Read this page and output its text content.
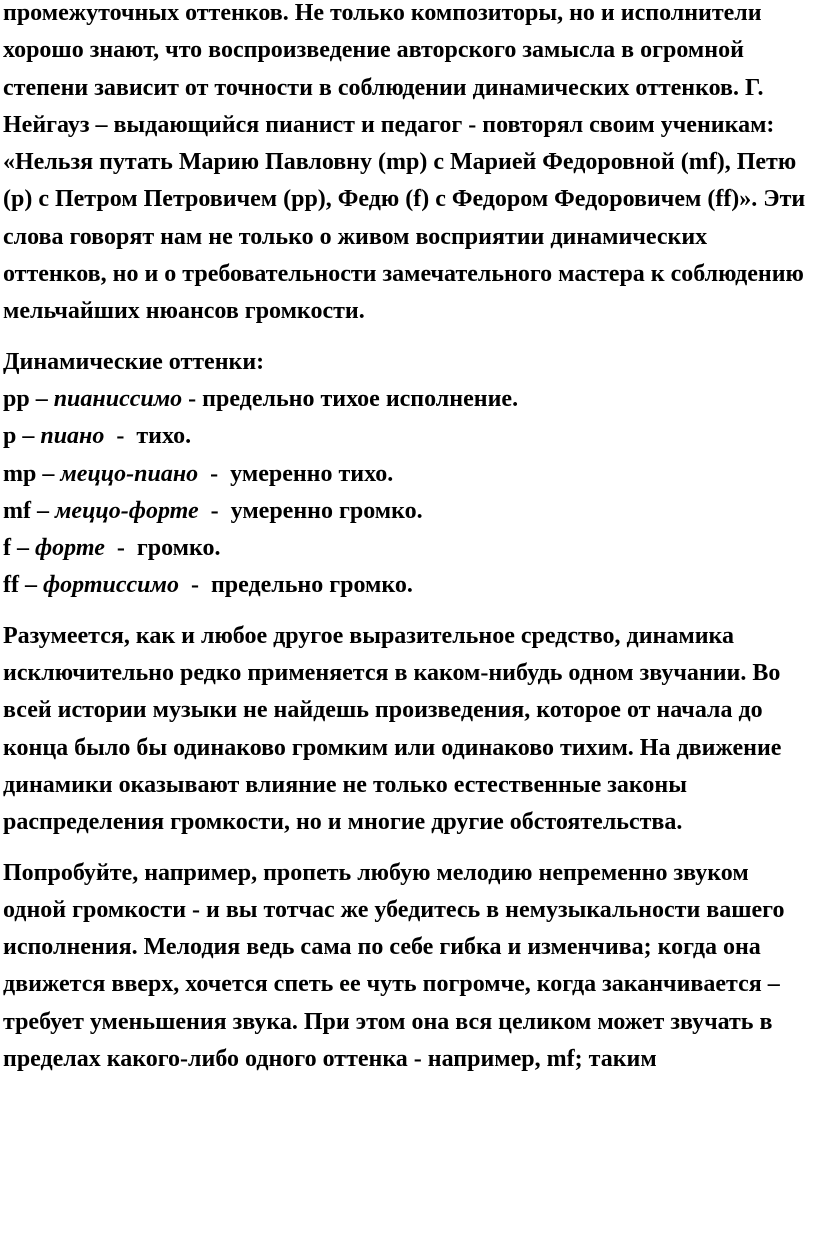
промежуточных оттенков. Не только композиторы, но и исполнители хорошо знают, что воспроизведение авторского замысла в огромной степени зависит от точности в соблюдении динамических оттенков. Г. Нейгауз – выдающийся пианист и педагог - повторял своим ученикам: «Нельзя путать Марию Павловну (mp) с Марией Федоровной (mf), Петю (р) с Петром Петровичем (рр), Федю (f) с Федором Федоровичем (ff)». Эти слова говорят нам не только о живом восприятии динамических оттенков, но и о требовательности замечательного мастера к соблюдению мельчайших нюансов громкости.

Динамические оттенки:

рр – пианиссимо - предельно тихое исполнение.

р – пиано  -  тихо.

mp – меццо-пиано  -  умеренно тихо.

mf – меццо-форте  -  умеренно громко.

f – форте  -  громко.

ff – фортиссимо  -  предельно громко.

Разумеется, как и любое другое выразительное средство, динамика исключительно редко применяется в каком-нибудь одном звучании. Во всей истории музыки не найдешь произведения, которое от начала до конца было бы одинаково громким или одинаково тихим. На движение динамики оказывают влияние не только естественные законы распределения громкости, но и многие другие обстоятельства.

Попробуйте, например, пропеть любую мелодию непременно звуком одной громкости - и вы тотчас же убедитесь в немузыкальности вашего исполнения. Мелодия ведь сама по себе гибка и изменчива; когда она движется вверх, хочется спеть ее чуть погромче, когда заканчивается – требует уменьшения звука. При этом она вся целиком может звучать в пределах какого-либо одного оттенка - например, mf; таким
